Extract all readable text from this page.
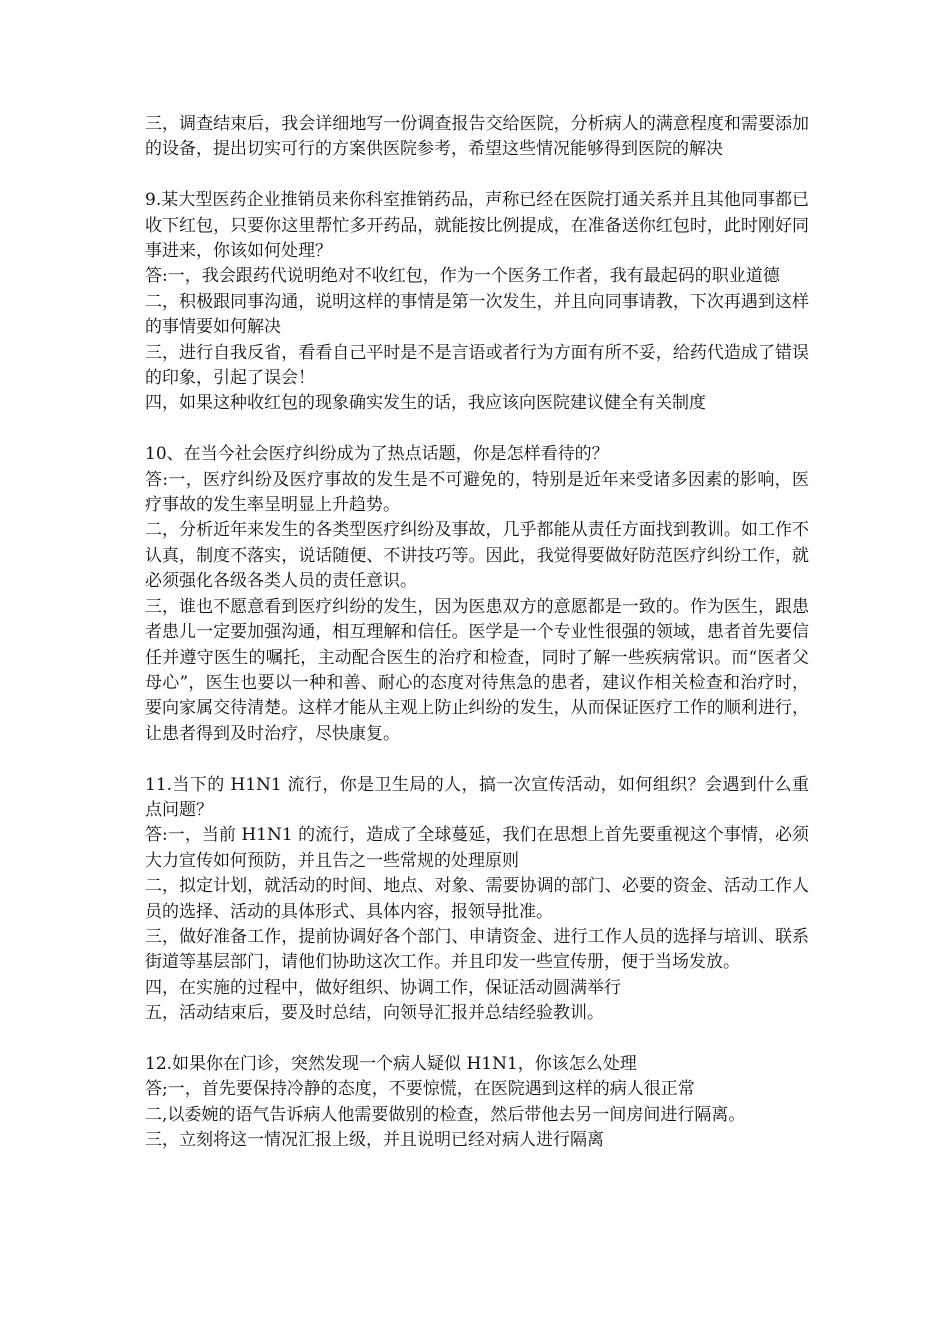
三，调查结束后，我会详细地写一份调查报告交给医院，分析病人的满意程度和需要添加的设备，提出切实可行的方案供医院参考，希望这些情况能够得到医院的解决

9.某大型医药企业推销员来你科室推销药品，声称已经在医院打通关系并且其他同事都已收下红包，只要你这里帮忙多开药品，就能按比例提成，在准备送你红包时，此时刚好同事进来，你该如何处理？

答:一，我会跟药代说明绝对不收红包，作为一个医务工作者，我有最起码的职业道德

二，积极跟同事沟通，说明这样的事情是第一次发生，并且向同事请教，下次再遇到这样的事情要如何解决

三，进行自我反省，看看自己平时是不是言语或者行为方面有所不妥，给药代造成了错误的印象，引起了误会！

四，如果这种收红包的现象确实发生的话，我应该向医院建议健全有关制度

10、在当今社会医疗纠纷成为了热点话题，你是怎样看待的？

答:一，医疗纠纷及医疗事故的发生是不可避免的，特别是近年来受诸多因素的影响，医疗事故的发生率呈明显上升趋势。

二，分析近年来发生的各类型医疗纠纷及事故，几乎都能从责任方面找到教训。如工作不认真，制度不落实，说话随便、不讲技巧等。因此，我觉得要做好防范医疗纠纷工作，就必须强化各级各类人员的责任意识。

三，谁也不愿意看到医疗纠纷的发生，因为医患双方的意愿都是一致的。作为医生，跟患者患儿一定要加强沟通，相互理解和信任。医学是一个专业性很强的领域，患者首先要信任并遵守医生的嘱托，主动配合医生的治疗和检查，同时了解一些疾病常识。而“医者父母心”，医生也要以一种和善、耐心的态度对待焦急的患者，建议作相关检查和治疗时，要向家属交待清楚。这样才能从主观上防止纠纷的发生，从而保证医疗工作的顺利进行，让患者得到及时治疗，尽快康复。

11.当下的 H1N1 流行，你是卫生局的人，搞一次宣传活动，如何组织？会遇到什么重点问题？

答:一，当前 H1N1 的流行，造成了全球蔓延，我们在思想上首先要重视这个事情，必须大力宣传如何预防，并且告之一些常规的处理原则

二，拟定计划，就活动的时间、地点、对象、需要协调的部门、必要的资金、活动工作人员的选择、活动的具体形式、具体内容，报领导批准。

三，做好准备工作，提前协调好各个部门、申请资金、进行工作人员的选择与培训、联系街道等基层部门，请他们协助这次工作。并且印发一些宣传册，便于当场发放。

四，在实施的过程中，做好组织、协调工作，保证活动圆满举行

五，活动结束后，要及时总结，向领导汇报并总结经验教训。

12.如果你在门诊，突然发现一个病人疑似 H1N1，你该怎么处理

答;一，首先要保持冷静的态度，不要惊慌，在医院遇到这样的病人很正常

二,以委婉的语气告诉病人他需要做别的检查，然后带他去另一间房间进行隔离。

三，立刻将这一情况汇报上级，并且说明已经对病人进行隔离
